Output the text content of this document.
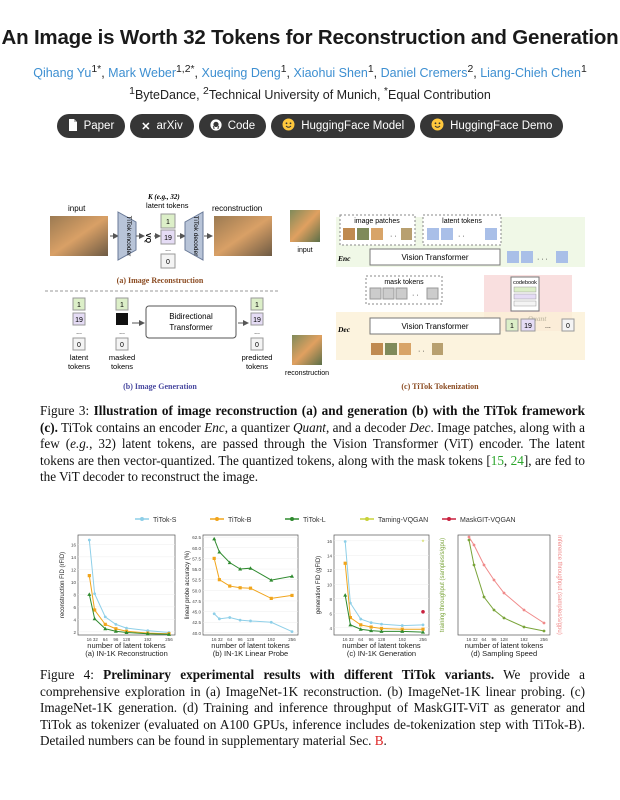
An Image is Worth 32 Tokens for Reconstruction and Generation
Qihang $Yu^{1*}$, Mark Weber$^{1,2*}$, Xueqing Deng$^1$, Xiaohui Shen$^1$, Daniel Cremers$^2$, Liang-Chieh Chen$^1$
$^1$ByteDance, $^2$Technical University of Munich, *Equal Contribution
Paper ✕ arXiv	Code	HuggingFace Model	HuggingFace Demo
input
TiTok encoder VQ
K (e.g., 32)
latent tokens
1
19
...
0
TiTok decoder
reconstruction
(a) Image Reconstruction
1
19
...
0
latent
tokens
1
...
0
masked
tokens
Bidirectional
Transformer
1
19
...
0
predicted
tokens
(b) Image Generation
input
image patches
· ·
latent tokens
· ·
Enc	Vision Transformer	· · ·
codebook
mask tokens
· ·
Dec	Vision Transformer	1 19 ... 0
· ·
reconstruction
(c) TiTok Tokenization
Figure 3: Illustration of image reconstruction (a) and generation (b) with the TiTok framework (c). TiTok contains an encoder Enc, a quantizer Quant, and a decoder Dec. Image patches, along with a few (e.g., 32) latent tokens, are passed through the Vision Transformer (ViT) encoder. The latent tokens are then vector-quantized. The quantized tokens, along with the mask tokens [15, 24], are fed to the ViT decoder to reconstruct the image.
TiTok-S	TiTok-B	TiTok-L	Taming-VQGAN	MaskGIT-VQGAN
2
4
6
8
10
12
14
16
16 32 64 96 128	192	256
number of latent tokens
(a) IN-1K Reconstruction
reconstruction FID (rFID)
40.0
42.5
45.0
47.5
50.0
52.5
55.0
57.5
60.0
62.5
16 32 64 96 128	192	256
number of latent tokens
(b) IN-1K Linear Probe
linear probe accuracy (%)
4
6
8
10
12
14
16
16 32 64 96 128	192	256
number of latent tokens
(c) IN-1K Generation
generation FID (gFID)
*
16 32 64 96 128	192	256
number of latent tokens
(d) Sampling Speed
training throughput (samples/s/gpu)	inference throughput (samples/s/gpu)
Figure 4: Preliminary experimental results with different TiTok variants. We provide a comprehensive exploration in (a) ImageNet-1K reconstruction. (b) ImageNet-1K linear probing. (c) ImageNet-1K generation. (d) Training and inference throughput of MaskGIT-ViT as generator and TiTok as tokenizer (evaluated on A100 GPUs, inference includes de-tokenization step with TiTok-B). Detailed numbers can be found in supplementary material Sec. B.
